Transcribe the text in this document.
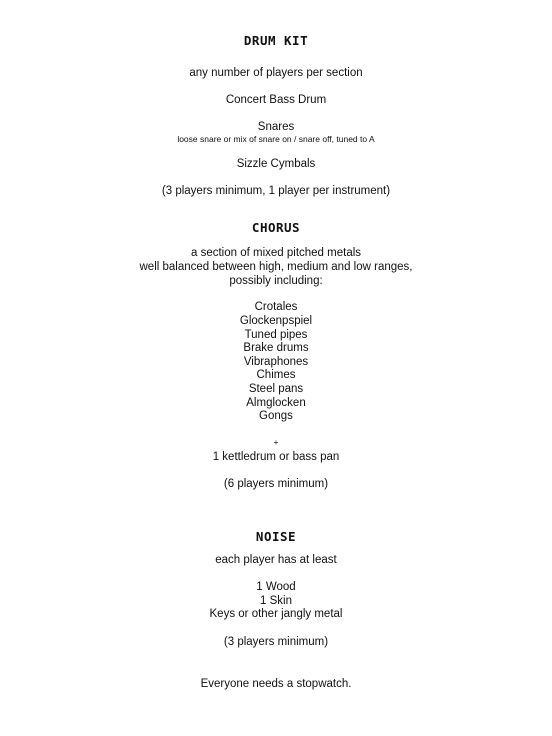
DRUM KIT
any number of players per section
Concert Bass Drum
Snares
loose snare or mix of snare on / snare off, tuned to A
Sizzle Cymbals
(3 players minimum, 1 player per instrument)
CHORUS
a section of mixed pitched metals
well balanced between high, medium and low ranges,
possibly including:
Crotales
Glockenpspiel
Tuned pipes
Brake drums
Vibraphones
Chimes
Steel pans
Almglocken
Gongs
+
1 kettledrum or bass pan
(6 players minimum)
NOISE
each player has at least
1 Wood
1 Skin
Keys or other jangly metal
(3 players minimum)
Everyone needs a stopwatch.
